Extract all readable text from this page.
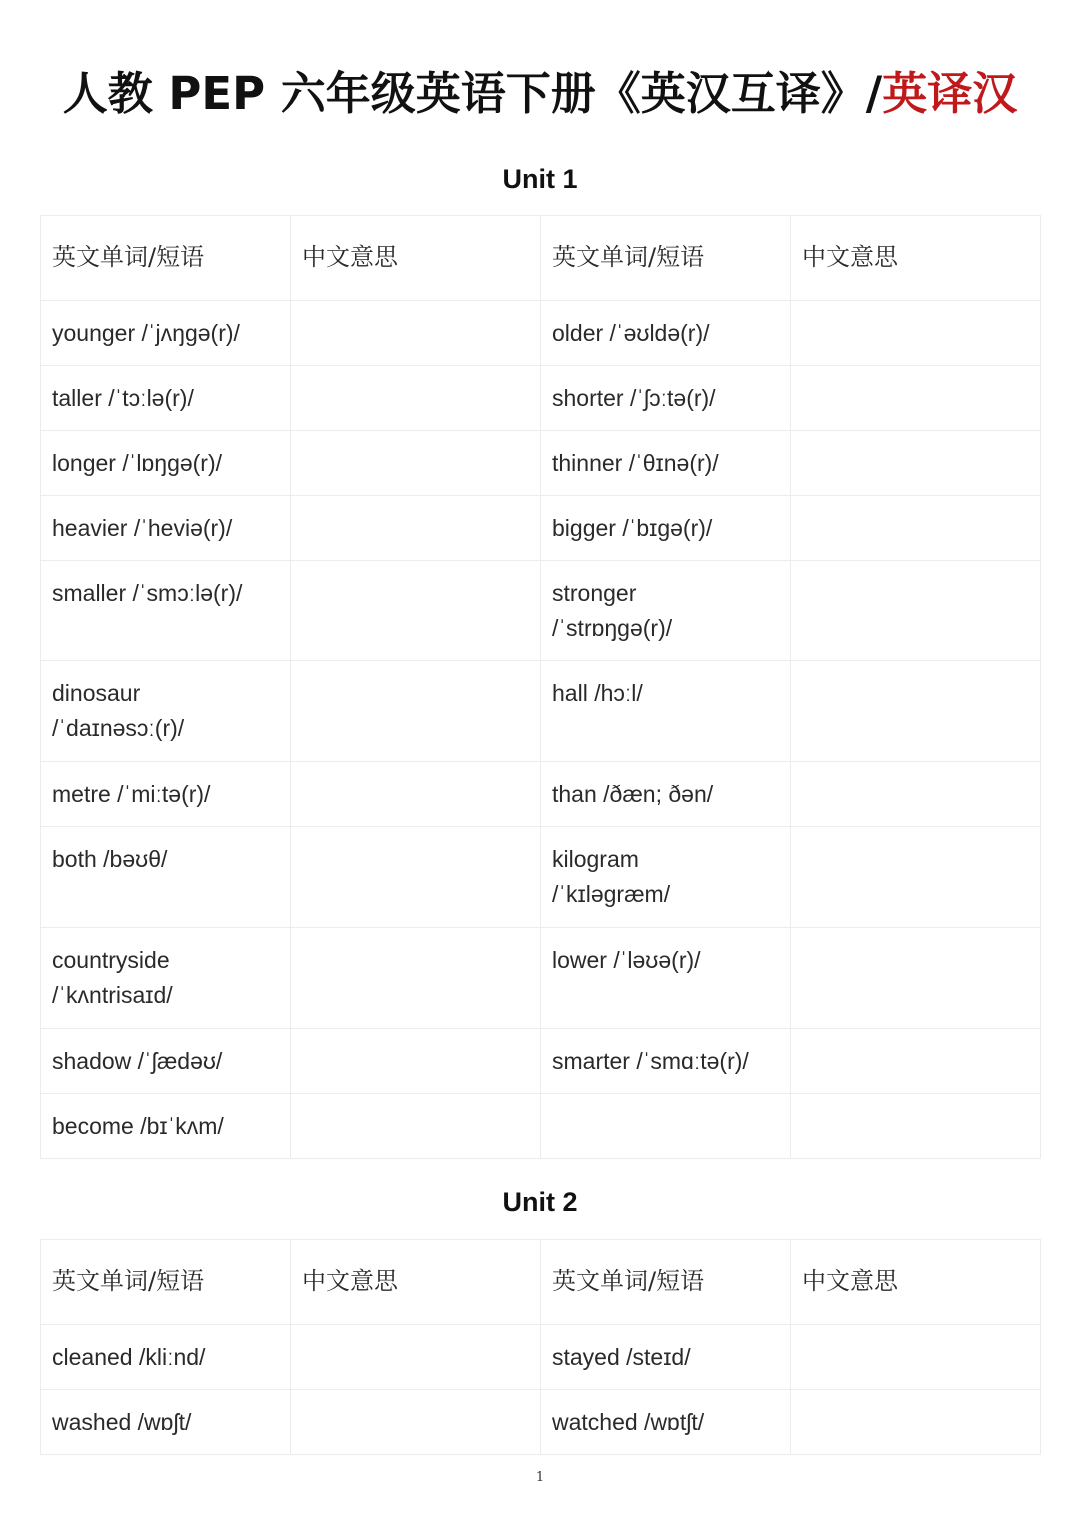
人教 PEP 六年级英语下册《英汉互译》/英译汉
Unit 1
英文单词/短语	中文意思	英文单词/短语	中文意思
younger /ˈjʌŋɡə(r)/		older /ˈəʊldə(r)/	
taller /ˈtɔːlə(r)/		shorter /ˈʃɔːtə(r)/	
longer /ˈlɒŋɡə(r)/		thinner /ˈθɪnə(r)/	
heavier /ˈheviə(r)/		bigger /ˈbɪɡə(r)/	
smaller /ˈsmɔːlə(r)/		stronger
/ˈstrɒŋɡə(r)/	
dinosaur
/ˈdaɪnəsɔː(r)/		hall /hɔːl/	
metre /ˈmiːtə(r)/		than /ðæn; ðən/	
both /bəʊθ/		kilogram
/ˈkɪləɡræm/	
countryside
/ˈkʌntrisaɪd/		lower /ˈləʊə(r)/	
shadow /ˈʃædəʊ/		smarter /ˈsmɑːtə(r)/	
become /bɪˈkʌm/			
Unit 2
英文单词/短语	中文意思	英文单词/短语	中文意思
cleaned /kliːnd/		stayed /steɪd/	
washed /wɒʃt/		watched /wɒtʃt/	
1
